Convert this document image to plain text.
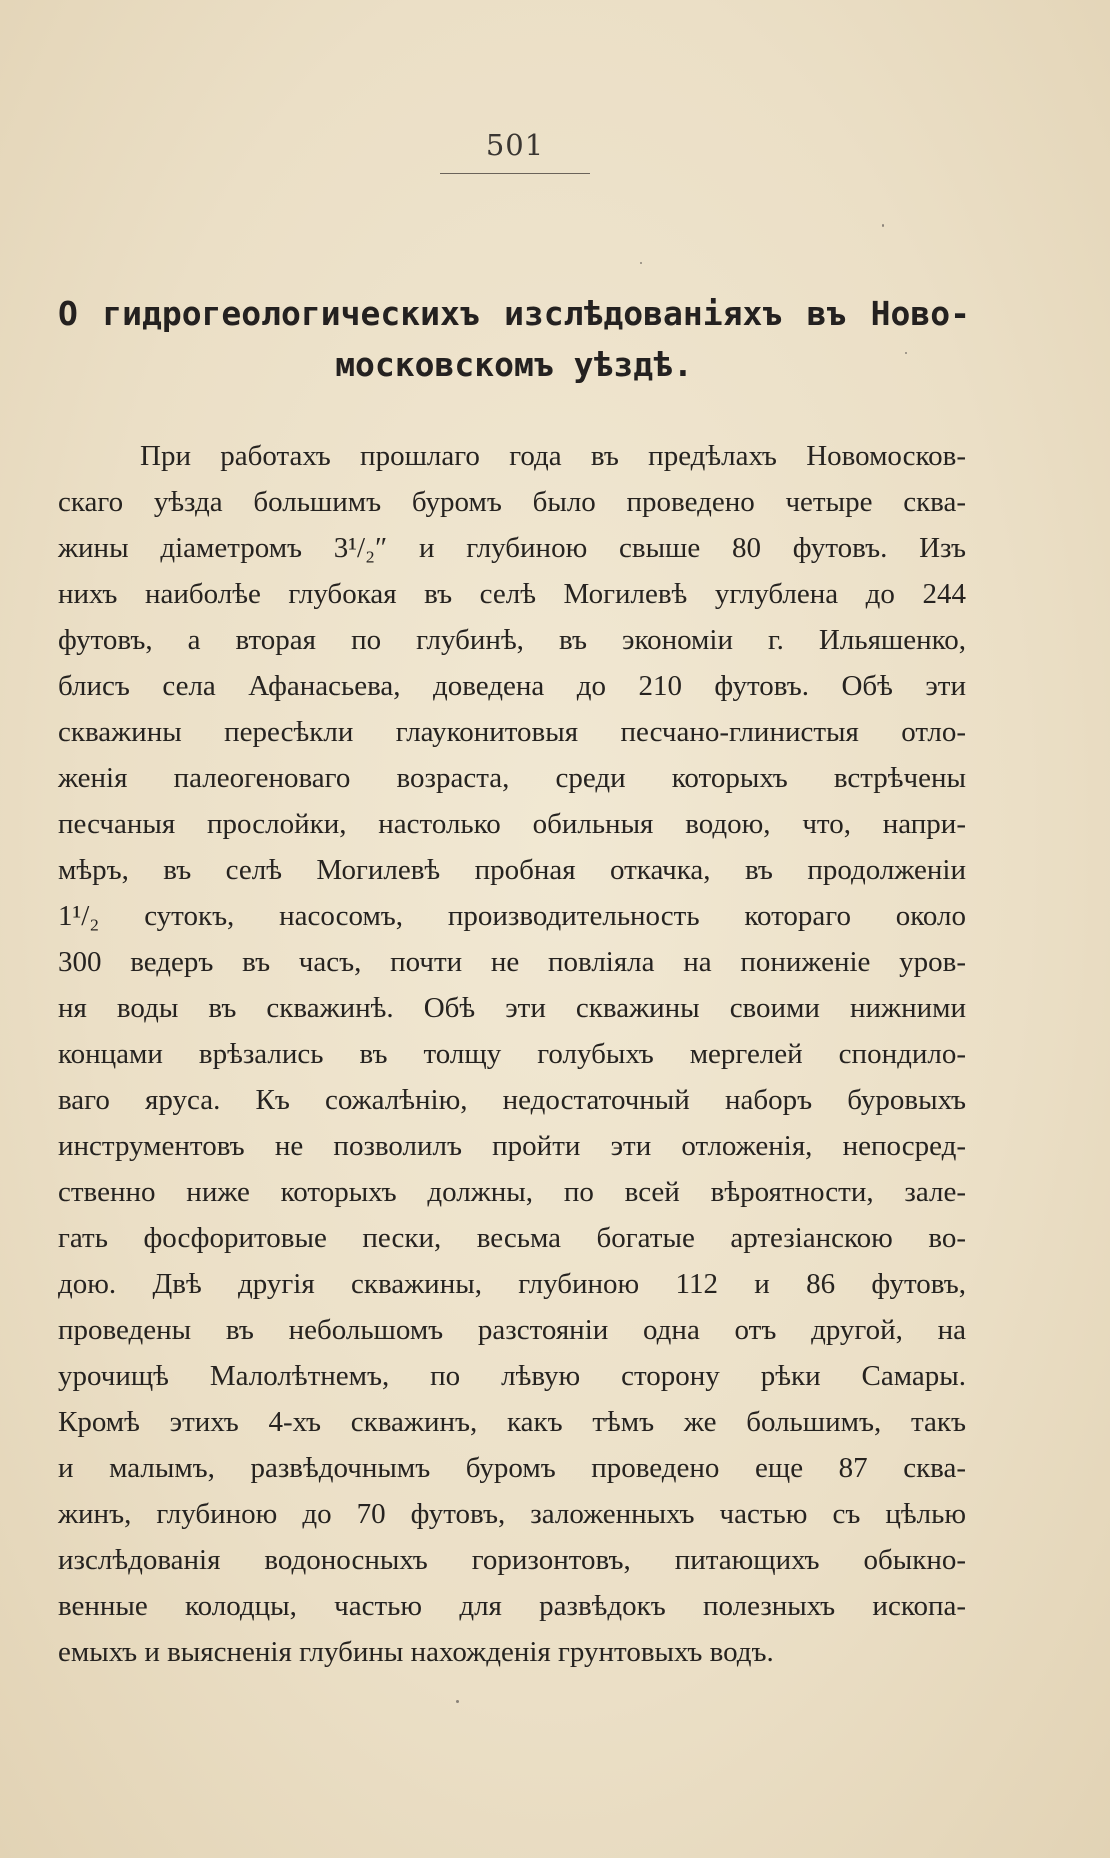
501
О гидрогеологическихъ изслѣдованіяхъ въ Ново-
московскомъ уѣздѣ.
При работахъ прошлаго года въ предѣлахъ Новомосков-
скаго уѣзда большимъ буромъ было проведено четыре сква-
жины діаметромъ 3¹/₂″ и глубиною свыше 80 футовъ. Изъ
нихъ наиболѣе глубокая въ селѣ Могилевѣ углублена до 244
футовъ, а вторая по глубинѣ, въ экономіи г. Ильяшенко,
блисъ села Афанасьева, доведена до 210 футовъ. Обѣ эти
скважины пересѣкли глауконитовыя песчано-глинистыя отло-
женія палеогеноваго возраста, среди которыхъ встрѣчены
песчаныя прослойки, настолько обильныя водою, что, напри-
мѣръ, въ селѣ Могилевѣ пробная откачка, въ продолженіи
1¹/₂ сутокъ, насосомъ, производительность котораго около
300 ведеръ въ часъ, почти не повліяла на пониженіе уров-
ня воды въ скважинѣ. Обѣ эти скважины своими нижними
концами врѣзались въ толщу голубыхъ мергелей спондило-
ваго яруса. Къ сожалѣнію, недостаточный наборъ буровыхъ
инструментовъ не позволилъ пройти эти отложенія, непосред-
ственно ниже которыхъ должны, по всей вѣроятности, зале-
гать фосфоритовые пески, весьма богатые артезіанскою во-
дою. Двѣ другія скважины, глубиною 112 и 86 футовъ,
проведены въ небольшомъ разстояніи одна отъ другой, на
урочищѣ Малолѣтнемъ, по лѣвую сторону рѣки Самары.
Кромѣ этихъ 4-хъ скважинъ, какъ тѣмъ же большимъ, такъ
и малымъ, развѣдочнымъ буромъ проведено еще 87 сква-
жинъ, глубиною до 70 футовъ, заложенныхъ частью съ цѣлью
изслѣдованія водоносныхъ горизонтовъ, питающихъ обыкно-
венные колодцы, частью для развѣдокъ полезныхъ ископа-
емыхъ и выясненія глубины нахожденія грунтовыхъ водъ.
